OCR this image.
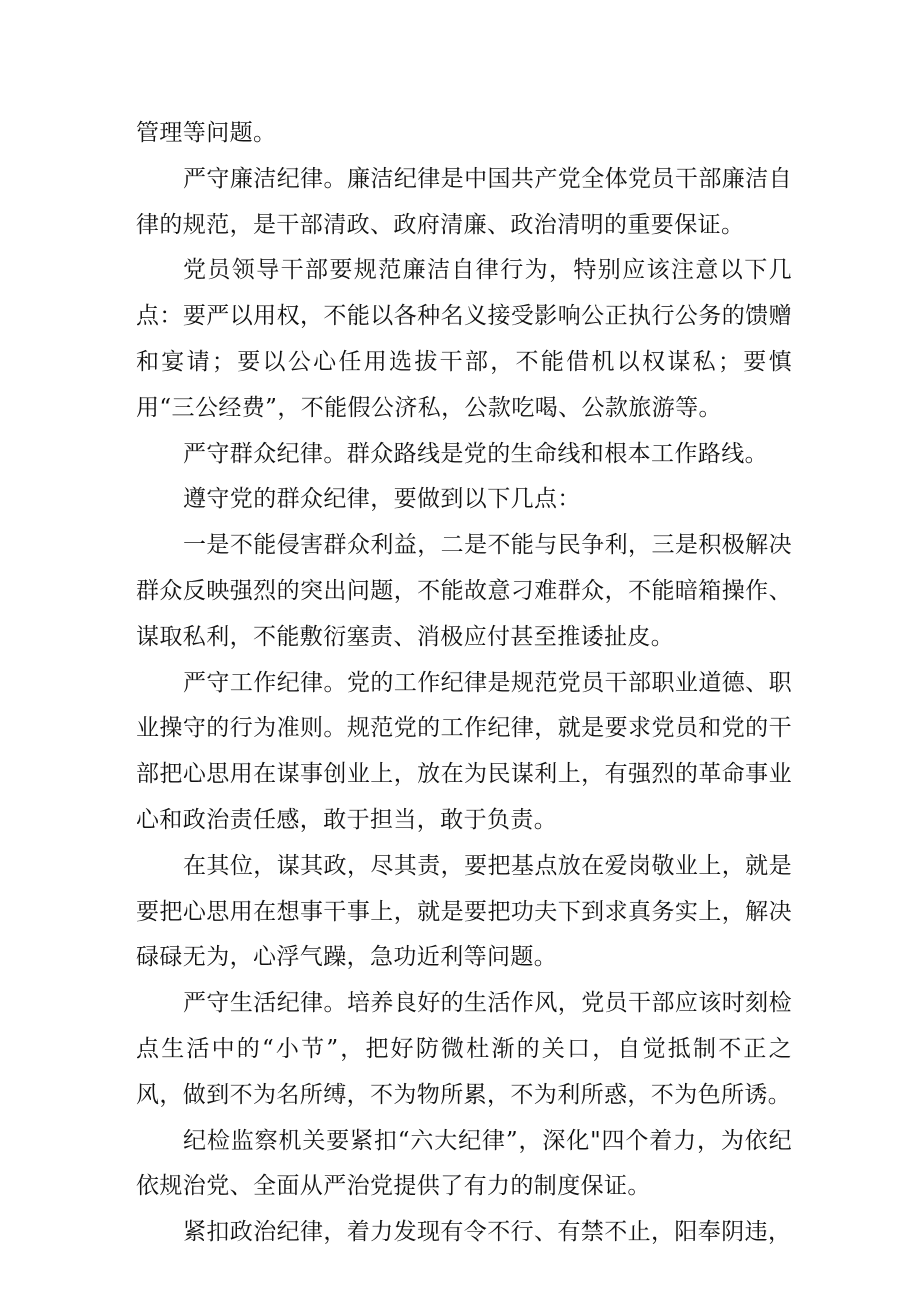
管理等问题。

严守廉洁纪律。廉洁纪律是中国共产党全体党员干部廉洁自律的规范，是干部清政、政府清廉、政治清明的重要保证。

党员领导干部要规范廉洁自律行为，特别应该注意以下几点：要严以用权，不能以各种名义接受影响公正执行公务的馈赠和宴请；要以公心任用选拔干部，不能借机以权谋私；要慎用“三公经费”，不能假公济私，公款吃喝、公款旅游等。

严守群众纪律。群众路线是党的生命线和根本工作路线。

遵守党的群众纪律，要做到以下几点：

一是不能侵害群众利益，二是不能与民争利，三是积极解决群众反映强烈的突出问题，不能故意刁难群众，不能暗箱操作、谋取私利，不能敷衍塞责、消极应付甚至推诿扯皮。

严守工作纪律。党的工作纪律是规范党员干部职业道德、职业操守的行为准则。规范党的工作纪律，就是要求党员和党的干部把心思用在谋事创业上，放在为民谋利上，有强烈的革命事业心和政治责任感，敢于担当，敢于负责。

在其位，谋其政，尽其责，要把基点放在爱岗敬业上，就是要把心思用在想事干事上，就是要把功夫下到求真务实上，解决碌碌无为，心浮气躁，急功近利等问题。

严守生活纪律。培养良好的生活作风，党员干部应该时刻检点生活中的“小节”，把好防微杜渐的关口，自觉抵制不正之风，做到不为名所缚，不为物所累，不为利所惑，不为色所诱。

纪检监察机关要紧扣“六大纪律”，深化"四个着力，为依纪依规治党、全面从严治党提供了有力的制度保证。

紧扣政治纪律，着力发现有令不行、有禁不止，阳奉阴违，
